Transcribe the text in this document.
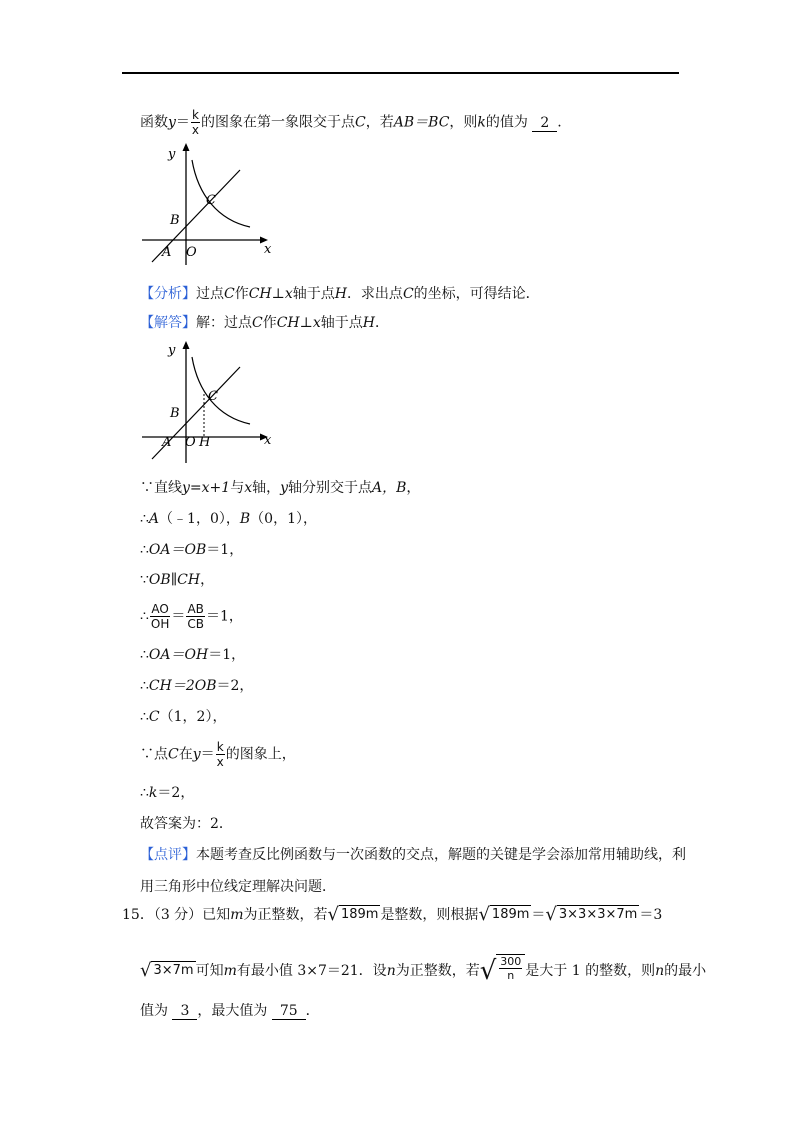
函数$y= \frac{k}{x}$ 的图象在第一象限交于点C，若AB＝BC，则k的值为 2 .
y
x
B
A O
C
【分析】过点C作CH⊥x轴于点H．求出点C的坐标，可得结论．
【解答】解：过点C作CH⊥x轴于点H．
y
x
B
A O H
C
∵直线y=x+1与x轴，y轴分别交于点A，B，
∴A（﹣1，0），B（0，1），
∴OA＝OB＝1，
∵OB∥CH，
∴ $\frac{AO}{OH} = \frac{AB}{CB} =1$，
∴OA＝OH＝1，
∴CH＝2OB＝2，
∴C（1，2），
∵点C在$y= \frac{k}{x}$ 的图象上，
∴k＝2，
故答案为：2．
【点评】本题考查反比例函数与一次函数的交点，解题的关键是学会添加常用辅助线，利
用三角形中位线定理解决问题．
15．（3 分）已知m为正整数，若 √ 189m 是整数，则根据 √ 189m ＝ √ 3×3×3×7m ＝3
√ 3×7m 可知m有最小值 3×7＝21．设n为正整数，若 √ $\frac{300}{n}$ 是大于 1 的整数，则n的最小
值为 3 ，最大值为 75 ．
